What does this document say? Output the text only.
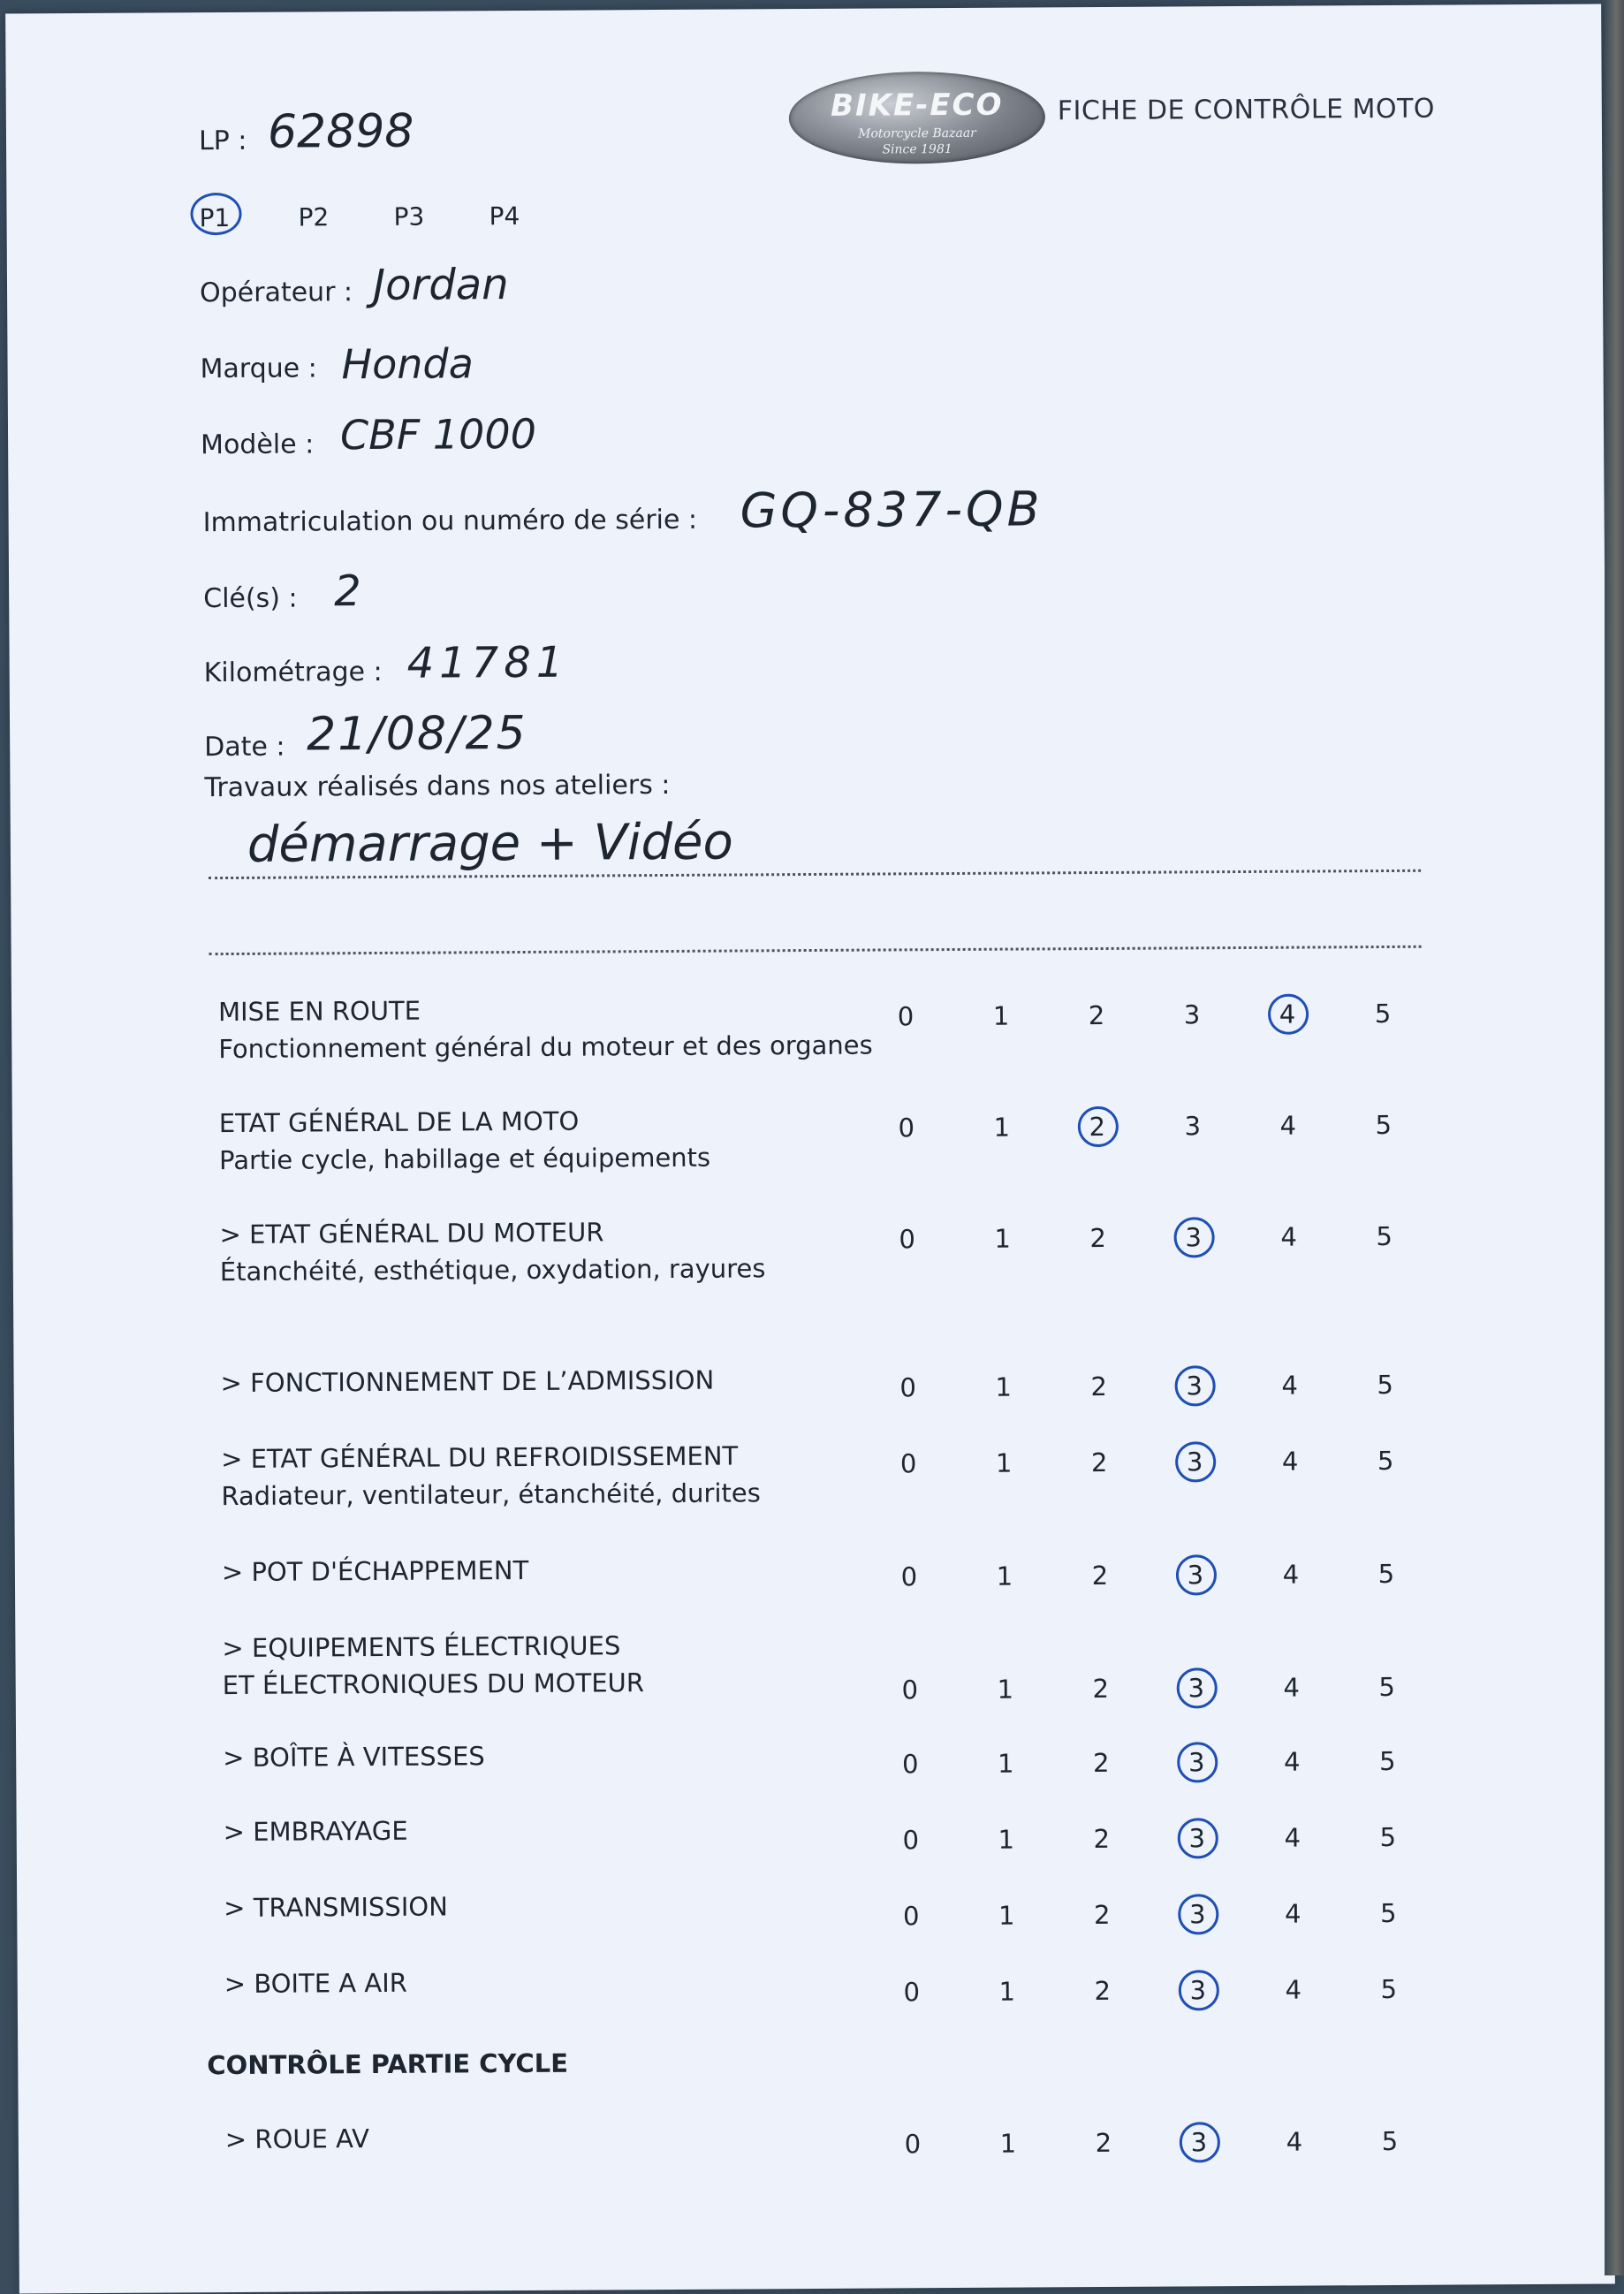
BIKE-ECO
Motorcycle Bazaar
Since 1981
FICHE DE CONTRÔLE MOTO
LP : 62898
P1	P2	P3	P4
Opérateur : Jordan
Marque : Honda
Modèle : CBF 1000
Immatriculation ou numéro de série : GQ-837-QB
Clé(s) : 2
Kilométrage : 41781
Date : 21/08/25
Travaux réalisés dans nos ateliers :
démarrage + Vidéo
MISE EN ROUTE
Fonctionnement général du moteur et des organes
0	1	2	3	4	5
ETAT GÉNÉRAL DE LA MOTO
Partie cycle, habillage et équipements
0	1	2	3	4	5
> ETAT GÉNÉRAL DU MOTEUR
Étanchéité, esthétique, oxydation, rayures
0	1	2	3	4	5
> FONCTIONNEMENT DE L’ADMISSION	0	1	2	3	4	5
> ETAT GÉNÉRAL DU REFROIDISSEMENT
Radiateur, ventilateur, étanchéité, durites
0	1	2	3	4	5
> POT D'ÉCHAPPEMENT	0	1	2	3	4	5
> EQUIPEMENTS ÉLECTRIQUES
ET ÉLECTRONIQUES DU MOTEUR	0	1	2	3	4	5
> BOÎTE À VITESSES	0	1	2	3	4	5
> EMBRAYAGE	0	1	2	3	4	5
> TRANSMISSION	0	1	2	3	4	5
> BOITE A AIR	0	1	2	3	4	5
CONTRÔLE PARTIE CYCLE
> ROUE AV	0	1	2	3	4	5
